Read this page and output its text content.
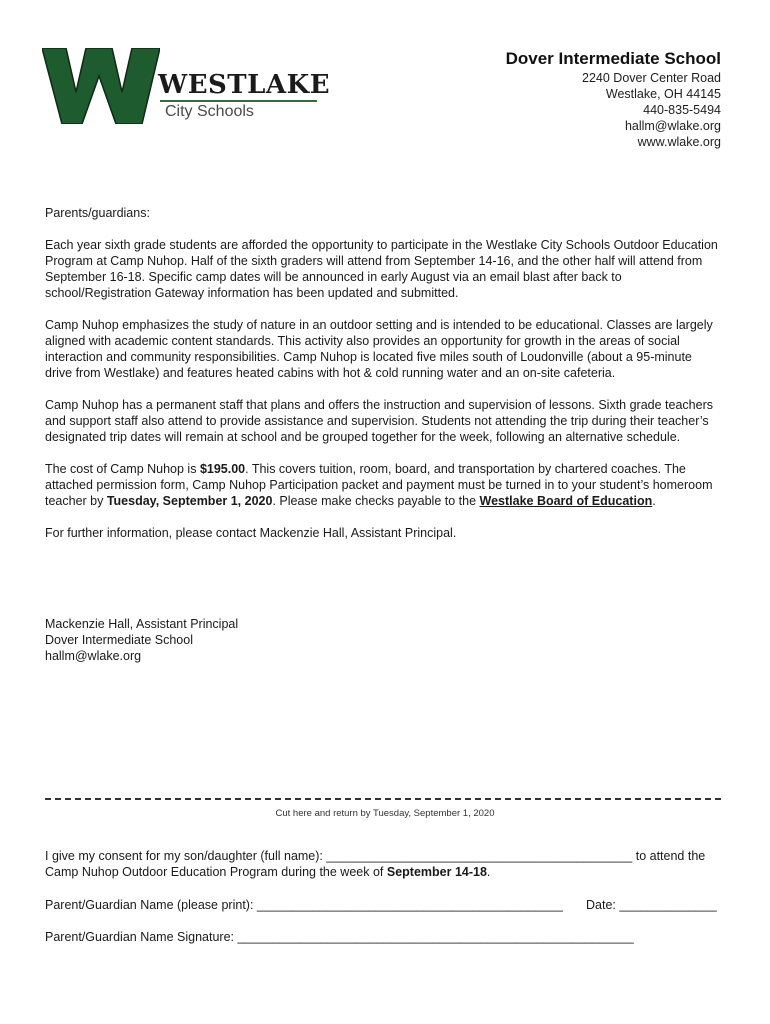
WESTLAKE
City Schools
Dover Intermediate School
2240 Dover Center Road
Westlake, OH 44145
440-835-5494
hallm@wlake.org
www.wlake.org

Parents/guardians:

Each year sixth grade students are afforded the opportunity to participate in the Westlake City Schools Outdoor Education Program at Camp Nuhop. Half of the sixth graders will attend from September 14-16, and the other half will attend from September 16-18. Specific camp dates will be announced in early August via an email blast after back to school/Registration Gateway information has been updated and submitted.

Camp Nuhop emphasizes the study of nature in an outdoor setting and is intended to be educational. Classes are largely aligned with academic content standards. This activity also provides an opportunity for growth in the areas of social interaction and community responsibilities. Camp Nuhop is located five miles south of Loudonville (about a 95-minute drive from Westlake) and features heated cabins with hot & cold running water and an on-site cafeteria.

Camp Nuhop has a permanent staff that plans and offers the instruction and supervision of lessons. Sixth grade teachers and support staff also attend to provide assistance and supervision. Students not attending the trip during their teacher’s designated trip dates will remain at school and be grouped together for the week, following an alternative schedule.

The cost of Camp Nuhop is $195.00. This covers tuition, room, board, and transportation by chartered coaches. The attached permission form, Camp Nuhop Participation packet and payment must be turned in to your student’s homeroom teacher by Tuesday, September 1, 2020. Please make checks payable to the Westlake Board of Education.

For further information, please contact Mackenzie Hall, Assistant Principal.

Mackenzie Hall, Assistant Principal
Dover Intermediate School
hallm@wlake.org
Cut here and return by Tuesday, September 1, 2020

I give my consent for my son/daughter (full name): ____________________________________________ to attend the Camp Nuhop Outdoor Education Program during the week of September 14-18.

Parent/Guardian Name (please print): ____________________________________________ Date: ______________
Parent/Guardian Name Signature: _________________________________________________________
